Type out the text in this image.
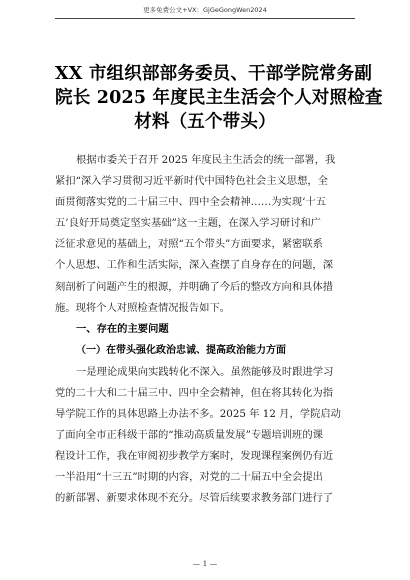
更多免费公文+VX：GjGeGongWen2024
XX 市组织部部务委员、干部学院常务副
院长 2025 年度民主生活会个人对照检查
材料（五个带头）
根据市委关于召开 2025 年度民主生活会的统一部署，我
紧扣“深入学习贯彻习近平新时代中国特色社会主义思想，全
面贯彻落实党的二十届三中、四中全会精神……为实现‘十五
五’良好开局奠定坚实基础”这一主题，在深入学习研讨和广
泛征求意见的基础上，对照“五个带头”方面要求，紧密联系
个人思想、工作和生活实际，深入查摆了自身存在的问题，深
刻剖析了问题产生的根源，并明确了今后的整改方向和具体措
施。现将个人对照检查情况报告如下。
一、存在的主要问题
（一）在带头强化政治忠诚、提高政治能力方面
一是理论成果向实践转化不深入。虽然能够及时跟进学习
党的二十大和二十届三中、四中全会精神，但在将其转化为指
导学院工作的具体思路上办法不多。2025 年 12 月，学院启动
了面向全市正科级干部的“推动高质量发展”专题培训班的课
程设计工作，我在审阅初步教学方案时，发现课程案例仍有近
一半沿用“十三五”时期的内容，对党的二十届五中全会提出
的新部署、新要求体现不充分。尽管后续要求教务部门进行了
— 1 —
